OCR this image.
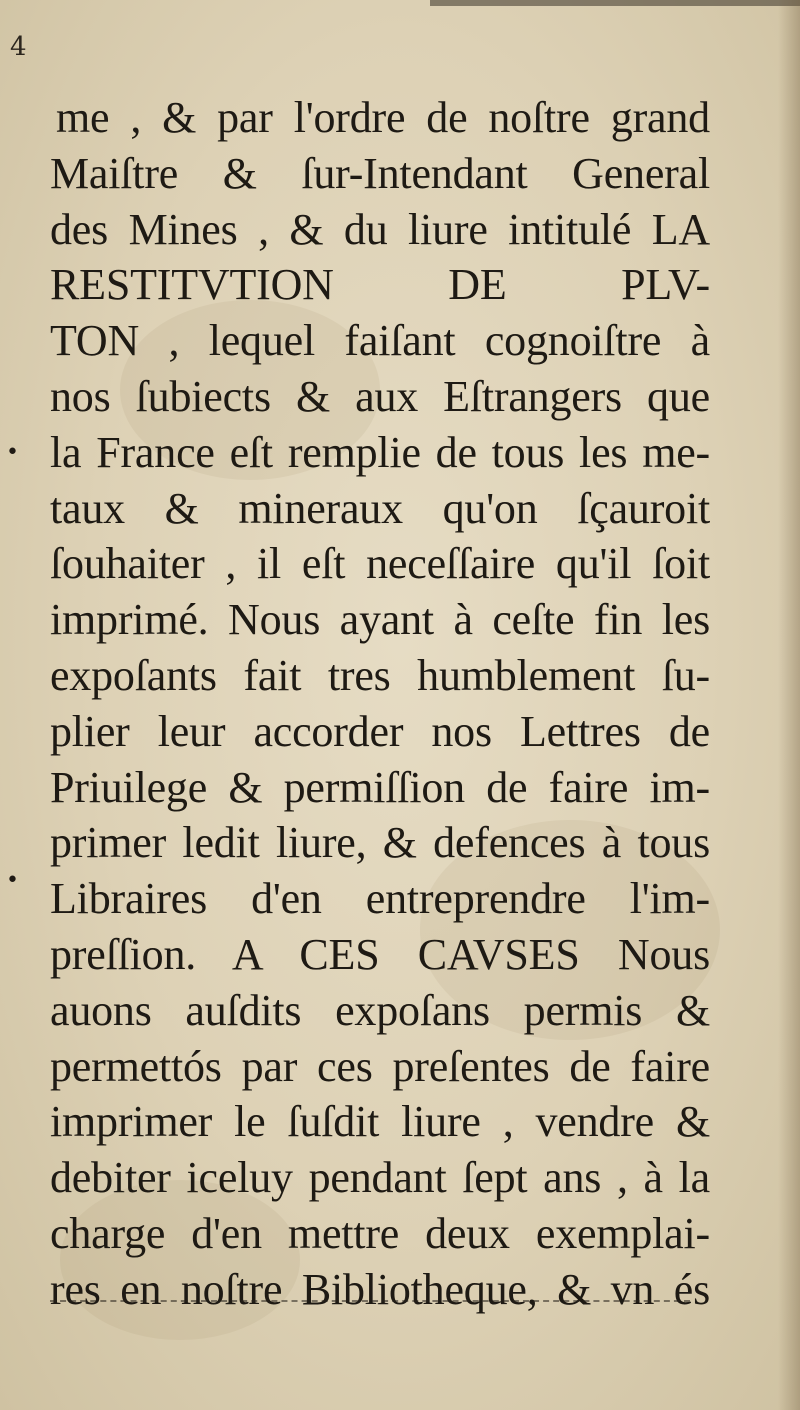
4
•
•
me , & par l'ordre de noſtre grand
Maiſtre & ſur-Intendant General
des Mines , & du liure intitulé LA
RESTITVTION DE PLV-
TON , lequel faiſant cognoiſtre à
nos ſubiects & aux Eſtrangers que
la France eſt remplie de tous les me-
taux & mineraux qu'on ſçauroit
ſouhaiter , il eſt neceſſaire qu'il ſoit
imprimé. Nous ayant à ceſte fin les
expoſants fait tres humblement ſu-
plier leur accorder nos Lettres de
Priuilege & permiſſion de faire im-
primer ledit liure, & defences à tous
Libraires d'en entreprendre l'im-
preſſion. A CES CAVSES Nous
auons auſdits expoſans permis &
permettós par ces preſentes de faire
imprimer le ſuſdit liure , vendre &
debiter iceluy pendant ſept ans , à la
charge d'en mettre deux exemplai-
res en noſtre Bibliotheque, & vn és
